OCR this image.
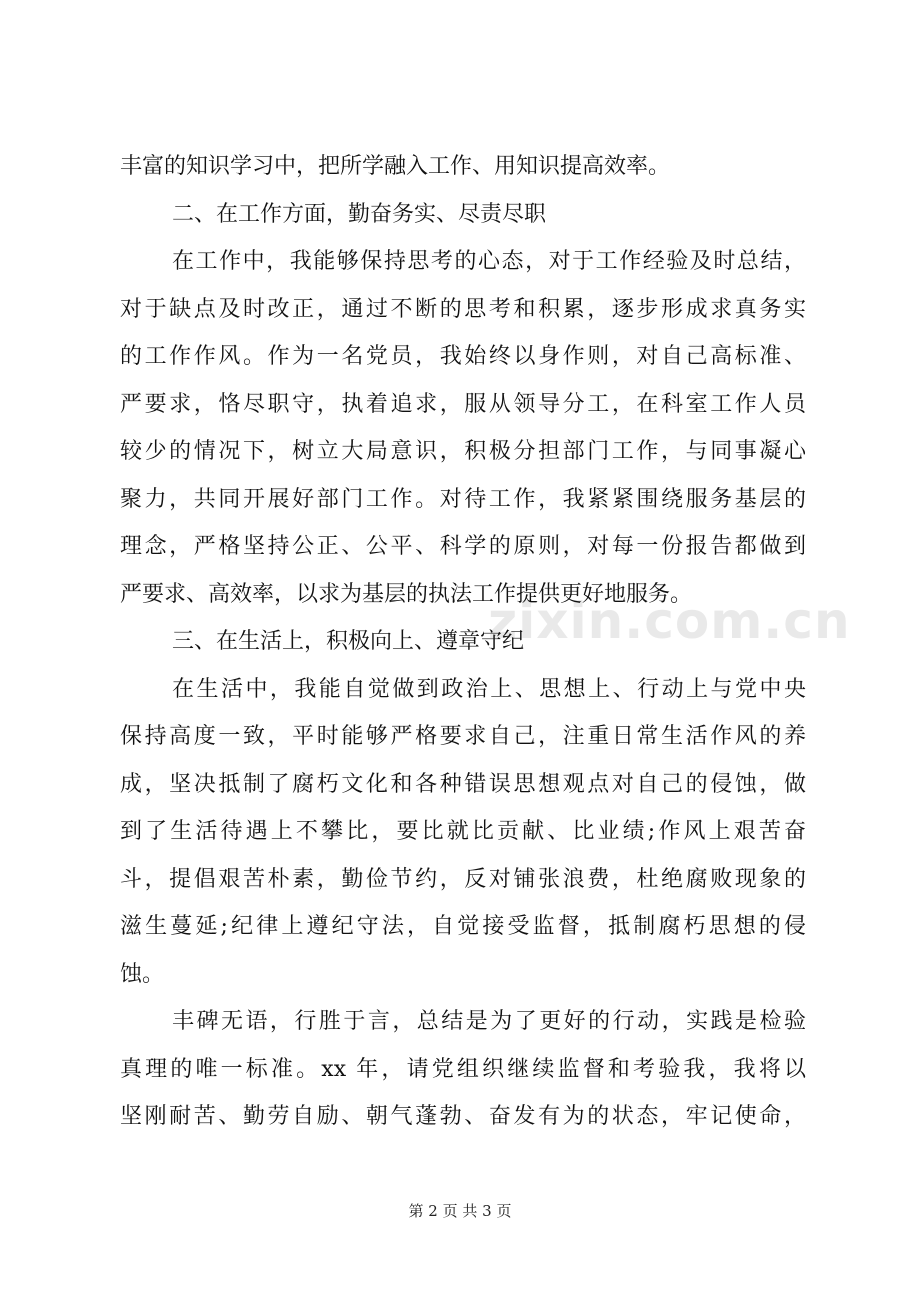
zixin.com.cn
丰富的知识学习中，把所学融入工作、用知识提高效率。
二、在工作方面，勤奋务实、尽责尽职
在工作中，我能够保持思考的心态，对于工作经验及时总结，
对于缺点及时改正，通过不断的思考和积累，逐步形成求真务实
的工作作风。作为一名党员，我始终以身作则，对自己高标准、
严要求，恪尽职守，执着追求，服从领导分工，在科室工作人员
较少的情况下，树立大局意识，积极分担部门工作，与同事凝心
聚力，共同开展好部门工作。对待工作，我紧紧围绕服务基层的
理念，严格坚持公正、公平、科学的原则，对每一份报告都做到
严要求、高效率，以求为基层的执法工作提供更好地服务。
三、在生活上，积极向上、遵章守纪
在生活中，我能自觉做到政治上、思想上、行动上与党中央
保持高度一致，平时能够严格要求自己，注重日常生活作风的养
成，坚决抵制了腐朽文化和各种错误思想观点对自己的侵蚀，做
到了生活待遇上不攀比，要比就比贡献、比业绩;作风上艰苦奋
斗，提倡艰苦朴素，勤俭节约，反对铺张浪费，杜绝腐败现象的
滋生蔓延;纪律上遵纪守法，自觉接受监督，抵制腐朽思想的侵
蚀。
丰碑无语，行胜于言，总结是为了更好的行动，实践是检验
真理的唯一标准。xx 年，请党组织继续监督和考验我，我将以
坚刚耐苦、勤劳自励、朝气蓬勃、奋发有为的状态，牢记使命，
第 2 页 共 3 页
